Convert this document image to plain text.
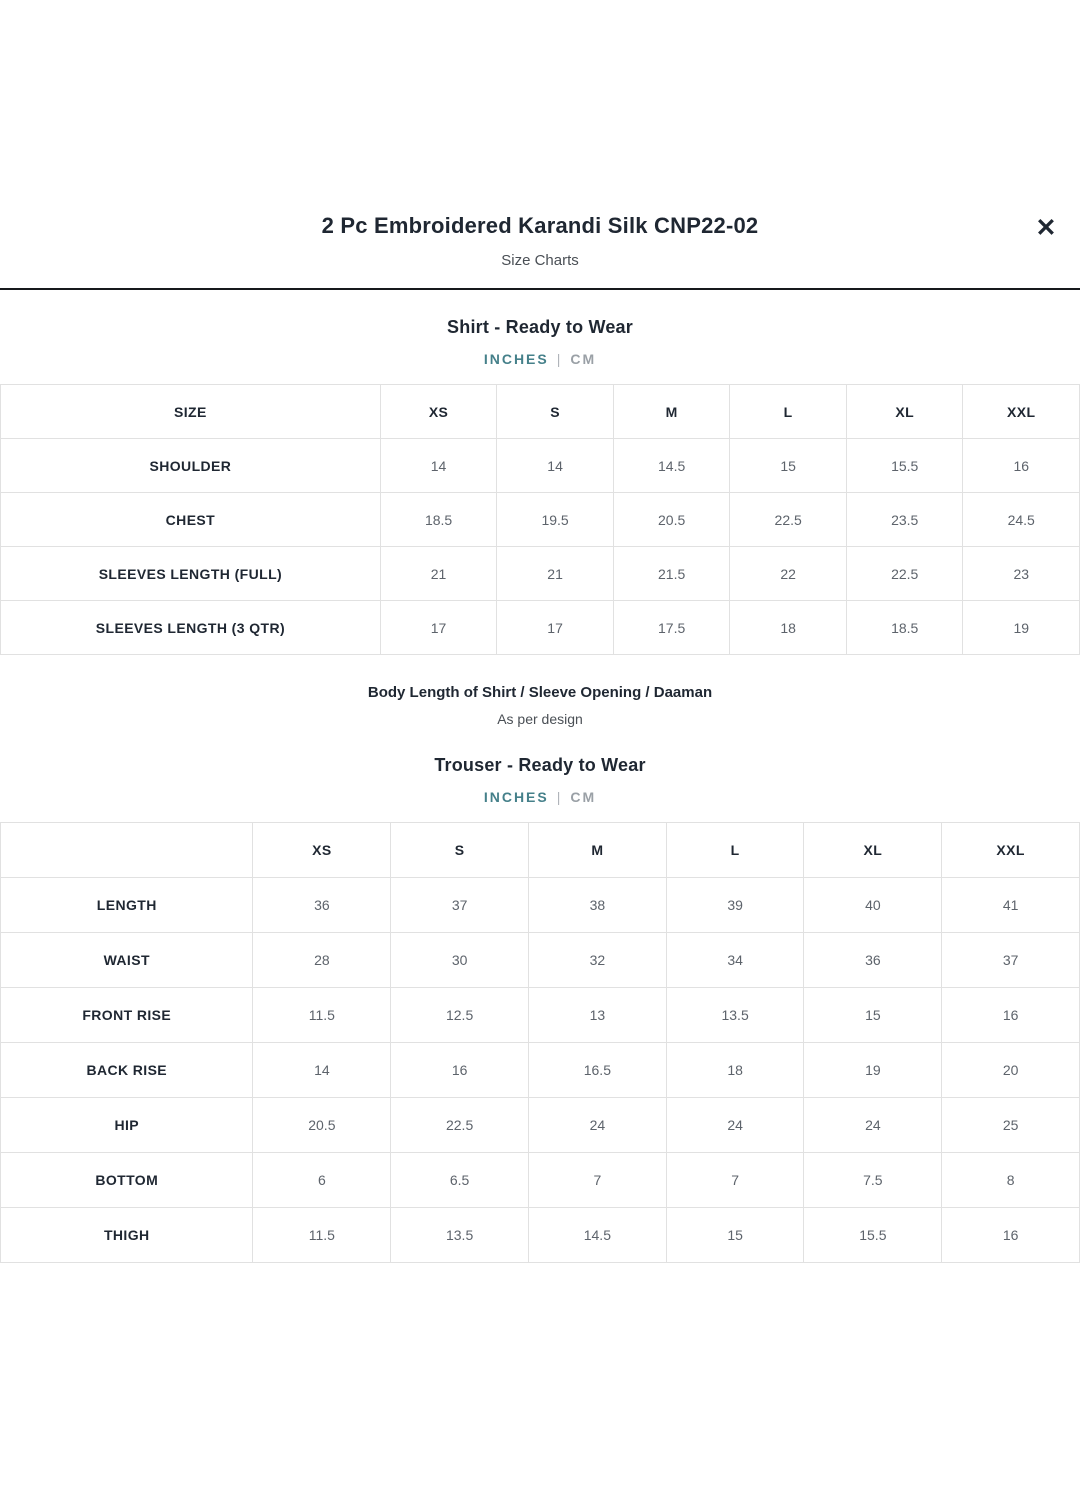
2 Pc Embroidered Karandi Silk CNP22-02
Size Charts
✕
Shirt - Ready to Wear
INCHES | CM
SIZE	XS	S	M	L	XL	XXL
SHOULDER	14	14	14.5	15	15.5	16
CHEST	18.5	19.5	20.5	22.5	23.5	24.5
SLEEVES LENGTH (FULL)	21	21	21.5	22	22.5	23
SLEEVES LENGTH (3 QTR)	17	17	17.5	18	18.5	19
Body Length of Shirt / Sleeve Opening / Daaman
As per design
Trouser - Ready to Wear
INCHES | CM
	XS	S	M	L	XL	XXL
LENGTH	36	37	38	39	40	41
WAIST	28	30	32	34	36	37
FRONT RISE	11.5	12.5	13	13.5	15	16
BACK RISE	14	16	16.5	18	19	20
HIP	20.5	22.5	24	24	24	25
BOTTOM	6	6.5	7	7	7.5	8
THIGH	11.5	13.5	14.5	15	15.5	16
